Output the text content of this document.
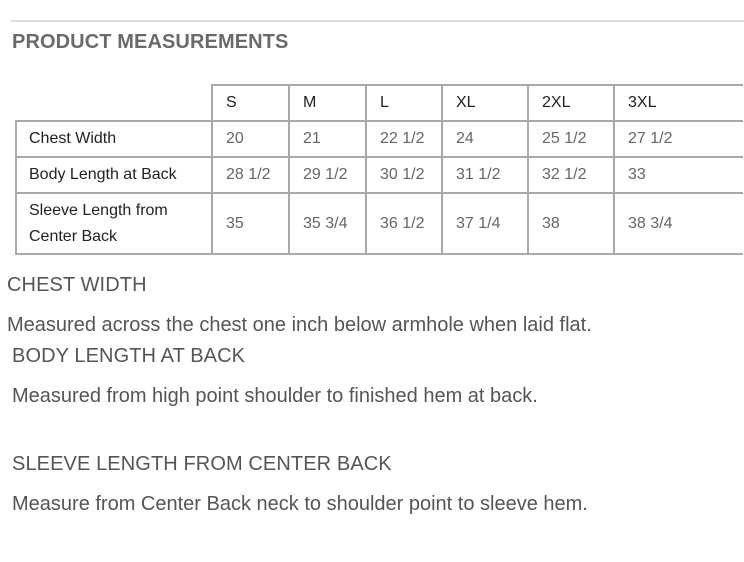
PRODUCT MEASUREMENTS
	S	M	L	XL	2XL	3XL
Chest Width	20	21	22 1/2	24	25 1/2	27 1/2
Body Length at Back	28 1/2	29 1/2	30 1/2	31 1/2	32 1/2	33
Sleeve Length from Center Back	35	35 3/4	36 1/2	37 1/4	38	38 3/4
CHEST WIDTH
Measured across the chest one inch below armhole when laid flat.
BODY LENGTH AT BACK
Measured from high point shoulder to finished hem at back.
SLEEVE LENGTH FROM CENTER BACK
Measure from Center Back neck to shoulder point to sleeve hem.
